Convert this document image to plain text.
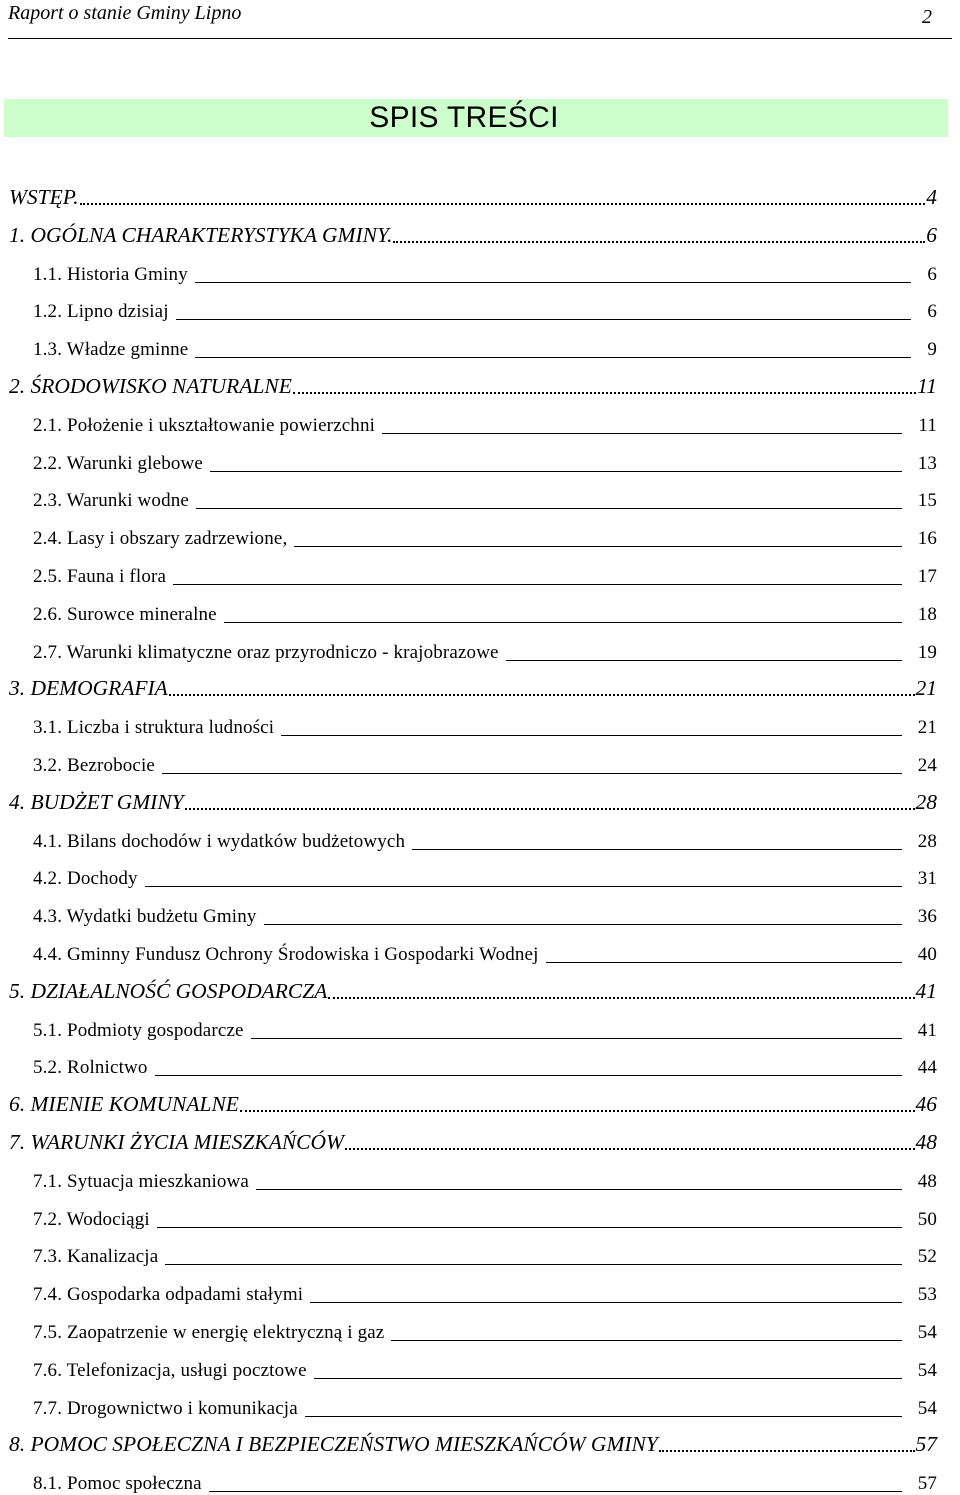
Raport o stanie Gminy Lipno	2
SPIS TREŚCI
WSTĘP.	4
1. OGÓLNA CHARAKTERYSTYKA GMINY.	6
1.1. Historia Gminy	6
1.2. Lipno dzisiaj	6
1.3. Władze gminne	9
2. ŚRODOWISKO NATURALNE	11
2.1. Położenie i ukształtowanie powierzchni	11
2.2. Warunki glebowe	13
2.3. Warunki wodne	15
2.4. Lasy i obszary zadrzewione,	16
2.5. Fauna i flora	17
2.6. Surowce mineralne	18
2.7. Warunki klimatyczne oraz przyrodniczo - krajobrazowe	19
3. DEMOGRAFIA	21
3.1. Liczba i struktura ludności	21
3.2. Bezrobocie	24
4. BUDŻET GMINY	28
4.1. Bilans dochodów i wydatków budżetowych	28
4.2. Dochody	31
4.3. Wydatki budżetu Gminy	36
4.4. Gminny Fundusz Ochrony Środowiska i Gospodarki Wodnej	40
5. DZIAŁALNOŚĆ GOSPODARCZA	41
5.1. Podmioty gospodarcze	41
5.2. Rolnictwo	44
6. MIENIE KOMUNALNE	46
7. WARUNKI ŻYCIA MIESZKAŃCÓW	48
7.1. Sytuacja mieszkaniowa	48
7.2. Wodociągi	50
7.3. Kanalizacja	52
7.4. Gospodarka odpadami stałymi	53
7.5. Zaopatrzenie w energię elektryczną i gaz	54
7.6. Telefonizacja, usługi pocztowe	54
7.7. Drogownictwo i komunikacja	54
8. POMOC SPOŁECZNA I BEZPIECZEŃSTWO MIESZKAŃCÓW GMINY	57
8.1. Pomoc społeczna	57
